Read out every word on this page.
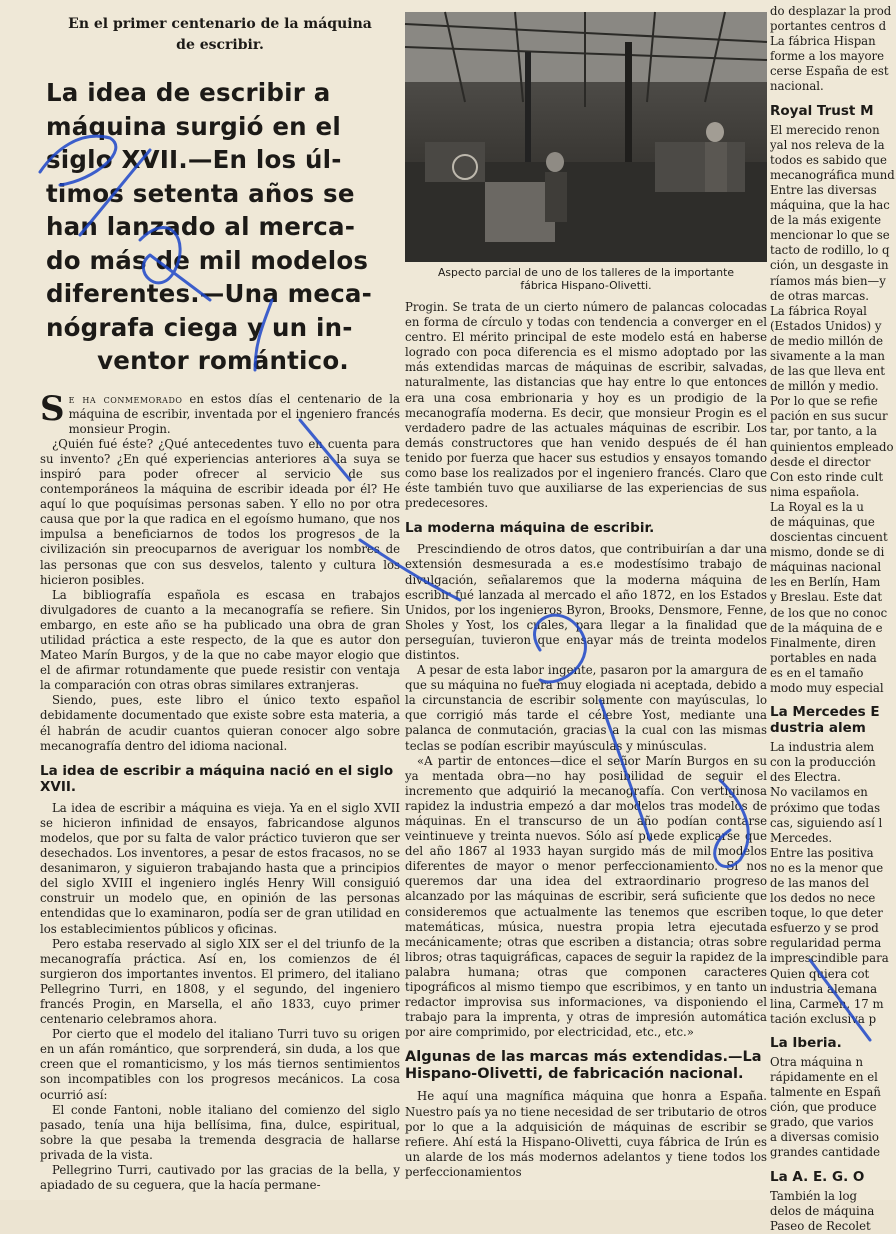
En el primer centenario de la máquina
de escribir.
La idea de escribir a
máquina surgió en el
siglo XVII.—En los úl-
timos setenta años se
han lanzado al merca-
do más de mil modelos
diferentes.—Una meca-
nógrafa ciega y un in-
ventor romántico.

Se ha conmemorado en estos días el centenario de la máquina de escribir, inventada por el ingeniero francés monsieur Progin.

¿Quién fué éste? ¿Qué antecedentes tuvo en cuenta para su invento? ¿En qué experiencias anteriores a la suya se inspiró para poder ofrecer al servicio de sus contemporáneos la máquina de escribir ideada por él? He aquí lo que poquísimas personas saben. Y ello no por otra causa que por la que radica en el egoísmo humano, que nos impulsa a beneficiarnos de todos los progresos de la civilización sin preocuparnos de averiguar los nombres de las personas que con sus desvelos, talento y cultura los hicieron posibles.

La bibliografía española es escasa en trabajos divulgadores de cuanto a la mecanografía se refiere. Sin embargo, en este año se ha publicado una obra de gran utilidad práctica a este respecto, de la que es autor don Mateo Marín Burgos, y de la que no cabe mayor elogio que el de afirmar rotundamente que puede resistir con ventaja la comparación con otras obras similares extranjeras.

Siendo, pues, este libro el único texto español debidamente documentado que existe sobre esta materia, a él habrán de acudir cuantos quieran conocer algo sobre mecanografía dentro del idioma nacional.

La idea de escribir a máquina nació en el siglo XVII.

La idea de escribir a máquina es vieja. Ya en el siglo XVII se hicieron infinidad de ensayos, fabricandose algunos modelos, que por su falta de valor práctico tuvieron que ser desechados. Los inventores, a pesar de estos fracasos, no se desanimaron, y siguieron trabajando hasta que a principios del siglo XVIII el ingeniero inglés Henry Will consiguió construir un modelo que, en opinión de las personas entendidas que lo examinaron, podía ser de gran utilidad en los establecimientos públicos y oficinas.

Pero estaba reservado al siglo XIX ser el del triunfo de la mecanografía práctica. Así en, los comienzos de él surgieron dos importantes inventos. El primero, del italiano Pellegrino Turri, en 1808, y el segundo, del ingeniero francés Progin, en Marsella, el año 1833, cuyo primer centenario celebramos ahora.

Por cierto que el modelo del italiano Turri tuvo su origen en un afán romántico, que sorprenderá, sin duda, a los que creen que el romanticismo, y los más tiernos sentimientos son incompatibles con los progresos mecánicos. La cosa ocurrió así:

El conde Fantoni, noble italiano del comienzo del siglo pasado, tenía una hija bellísima, fina, dulce, espiritual, sobre la que pesaba la tremenda desgracia de hallarse privada de la vista.

Pellegrino Turri, cautivado por las gracias de la bella, y apiadado de su ceguera, que la hacía permane-

Aspecto parcial de uno de los talleres de la importante
fábrica Hispano-Olivetti.

Progin. Se trata de un cierto número de palancas colocadas en forma de círculo y todas con tendencia a converger en el centro. El mérito principal de este modelo está en haberse logrado con poca diferencia es el mismo adoptado por las más extendidas marcas de máquinas de escribir, salvadas, naturalmente, las distancias que hay entre lo que entonces era una cosa embrionaria y hoy es un prodigio de la mecanografía moderna. Es decir, que monsieur Progin es el verdadero padre de las actuales máquinas de escribir. Los demás constructores que han venido después de él han tenido por fuerza que hacer sus estudios y ensayos tomando como base los realizados por el ingeniero francés. Claro que éste también tuvo que auxiliarse de las experiencias de sus predecesores.

La moderna máquina de escribir.

Prescindiendo de otros datos, que contribuirían a dar una extensión desmesurada a es.e modestísimo trabajo de divulgación, señalaremos que la moderna máquina de escribir fué lanzada al mercado el año 1872, en los Estados Unidos, por los ingenieros Byron, Brooks, Densmore, Fenne, Sholes y Yost, los cuales, para llegar a la finalidad que perseguían, tuvieron que ensayar más de treinta modelos distintos.

A pesar de esta labor ingente, pasaron por la amargura de que su máquina no fuera muy elogiada ni aceptada, debido a la circunstancia de escribir solamente con mayúsculas, lo que corrigió más tarde el célebre Yost, mediante una palanca de conmutación, gracias a la cual con las mismas teclas se podían escribir mayúsculas y minúsculas.

«A partir de entonces—dice el señor Marín Burgos en su ya mentada obra—no hay posibilidad de seguir el incremento que adquirió la mecanografía. Con vertiginosa rapidez la industria empezó a dar modelos tras modelos de máquinas. En el transcurso de un año podían contarse veintinueve y treinta nuevos. Sólo así puede explicarse que del año 1867 al 1933 hayan surgido más de mil modelos diferentes de mayor o menor perfeccionamiento. Si nos queremos dar una idea del extraordinario progreso alcanzado por las máquinas de escribir, será suficiente que consideremos que actualmente las tenemos que escriben matemáticas, música, nuestra propia letra ejecutada mecánicamente; otras que escriben a distancia; otras sobre libros; otras taquigráficas, capaces de seguir la rapidez de la palabra humana; otras que componen caracteres tipográficos al mismo tiempo que escribimos, y en tanto un redactor improvisa sus informaciones, va disponiendo el trabajo para la imprenta, y otras de impresión automática por aire comprimido, por electricidad, etc., etc.»

Algunas de las marcas más extendidas.—La Hispano-Olivetti, de fabricación nacional.

He aquí una magnífica máquina que honra a España. Nuestro país ya no tiene necesidad de ser tributario de otros por lo que a la adquisición de máquinas de escribir se refiere. Ahí está la Hispano-Olivetti, cuya fábrica de Irún es un alarde de los más modernos adelantos y tiene todos los perfeccionamientos

do desplazar la prod

portantes centros d

La fábrica Hispan

forme a los mayore

cerse España de est

nacional.

Royal Trust M

El merecido renon

yal nos releva de la

todos es sabido que

mecanográfica mund

Entre las diversas

máquina, que la hac

de la más exigente

mencionar lo que se

tacto de rodillo, lo q

ción, un desgaste in

ríamos más bien—y

de otras marcas.

La fábrica Royal

(Estados Unidos) y

de medio millón de

sivamente a la man

de las que lleva ent

de millón y medio.

Por lo que se refie

pación en sus sucur

tar, por tanto, a la

quinientos empleado

desde el director

Con esto rinde cult

nima española.

La Royal es la u

de máquinas, que

doscientas cincuent

mismo, donde se di

máquinas nacional

les en Berlín, Ham

y Breslau. Este dat

de los que no conoc

de la máquina de e

Finalmente, diren

portables en nada

es en el tamaño

modo muy especial

La Mercedes E
dustria alem

La industria alem

con la producción

des Electra.

No vacilamos en

próximo que todas

cas, siguiendo así l

Mercedes.

Entre las positiva

no es la menor que

de las manos del

los dedos no nece

toque, lo que deter

esfuerzo y se prod

regularidad perma

imprescindible para

Quien quiera cot

industria alemana

lina, Carmen, 17 m

tación exclusiva p

La Iberia.

Otra máquina n

rápidamente en el

talmente en Españ

ción, que produce

grado, que varios

a diversas comisio

grandes cantidade

La A. E. G. O

También la log

delos de máquina

Paseo de Recolet
